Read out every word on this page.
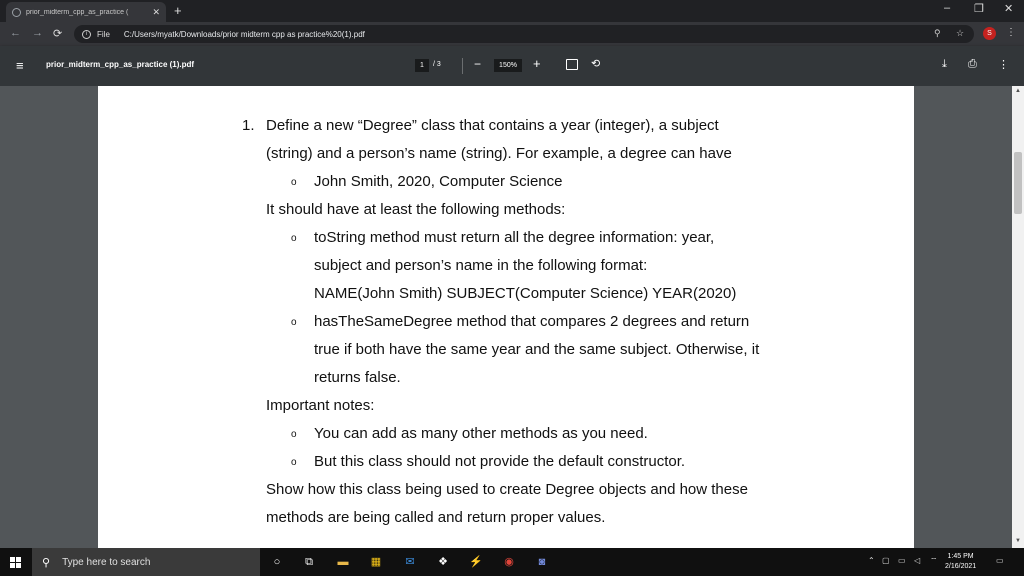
prior_midterm_cpp_as_practice (	✕ +	– ❐ ✕
← → ⟳	i	File C:/Users/myatk/Downloads/prior midterm cpp as practice%20(1).pdf	⚲ ☆	S	⋮
≡	prior_midterm_cpp_as_practice (1).pdf	1	/ 3	−	150%	+	⟲	⤓ ⎙ ⋮
1. Define a new “Degree” class that contains a year (integer), a subject
(string) and a person’s name (string). For example, a degree can have
o John Smith, 2020, Computer Science
It should have at least the following methods:
o toString method must return all the degree information: year,
subject and person’s name in the following format:
NAME(John Smith) SUBJECT(Computer Science) YEAR(2020)
o hasTheSameDegree method that compares 2 degrees and return
true if both have the same year and the same subject. Otherwise, it
returns false.
Important notes:
o You can add as many other methods as you need.
o But this class should not provide the default constructor.
Show how this class being used to create Degree objects and how these
methods are being called and return proper values.
▲
▼
⚲ Type here to search	○	⧉ ▬ ▦ ✉ ❖ ⚡ ◉	◙	⌃ ▢ ▭ ◁ ⌔	1:45 PM
2/16/2021
▭
